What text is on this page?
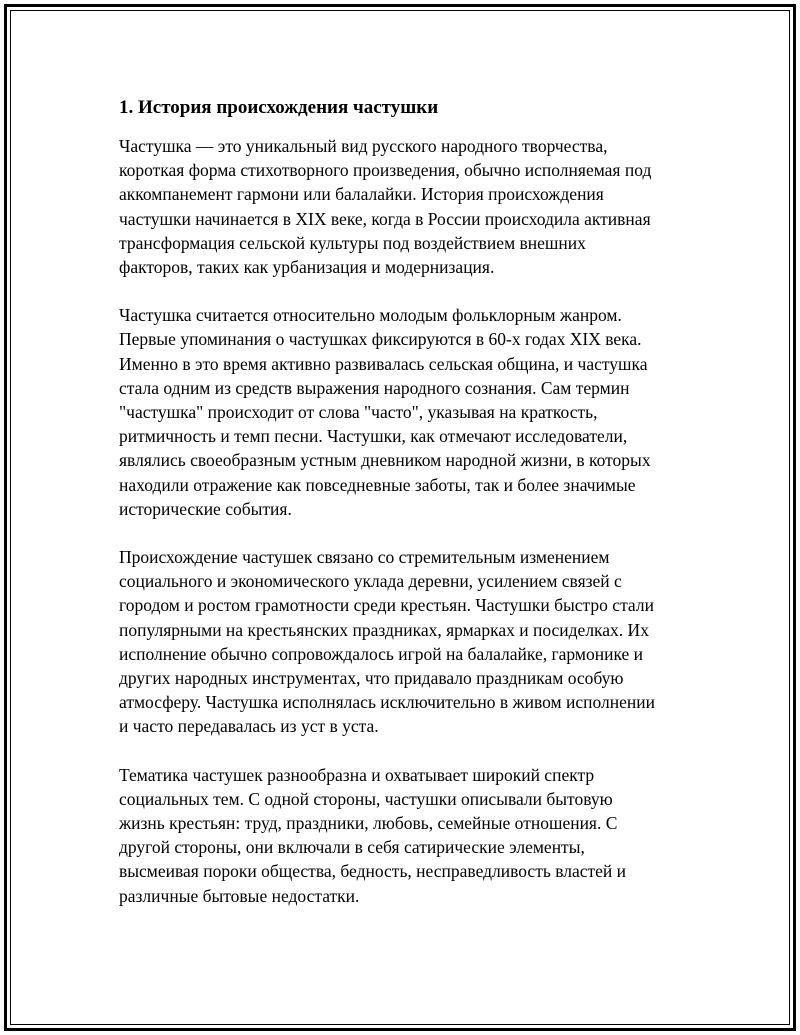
1. История происхождения частушки

Частушка — это уникальный вид русского народного творчества,
короткая форма стихотворного произведения, обычно исполняемая под
аккомпанемент гармони или балалайки. История происхождения
частушки начинается в XIX веке, когда в России происходила активная
трансформация сельской культуры под воздействием внешних
факторов, таких как урбанизация и модернизация.

Частушка считается относительно молодым фольклорным жанром.
Первые упоминания о частушках фиксируются в 60-х годах XIX века.
Именно в это время активно развивалась сельская община, и частушка
стала одним из средств выражения народного сознания. Сам термин
"частушка" происходит от слова "часто", указывая на краткость,
ритмичность и темп песни. Частушки, как отмечают исследователи,
являлись своеобразным устным дневником народной жизни, в которых
находили отражение как повседневные заботы, так и более значимые
исторические события.

Происхождение частушек связано со стремительным изменением
социального и экономического уклада деревни, усилением связей с
городом и ростом грамотности среди крестьян. Частушки быстро стали
популярными на крестьянских праздниках, ярмарках и посиделках. Их
исполнение обычно сопровождалось игрой на балалайке, гармонике и
других народных инструментах, что придавало праздникам особую
атмосферу. Частушка исполнялась исключительно в живом исполнении
и часто передавалась из уст в уста.

Тематика частушек разнообразна и охватывает широкий спектр
социальных тем. С одной стороны, частушки описывали бытовую
жизнь крестьян: труд, праздники, любовь, семейные отношения. С
другой стороны, они включали в себя сатирические элементы,
высмеивая пороки общества, бедность, несправедливость властей и
различные бытовые недостатки.
